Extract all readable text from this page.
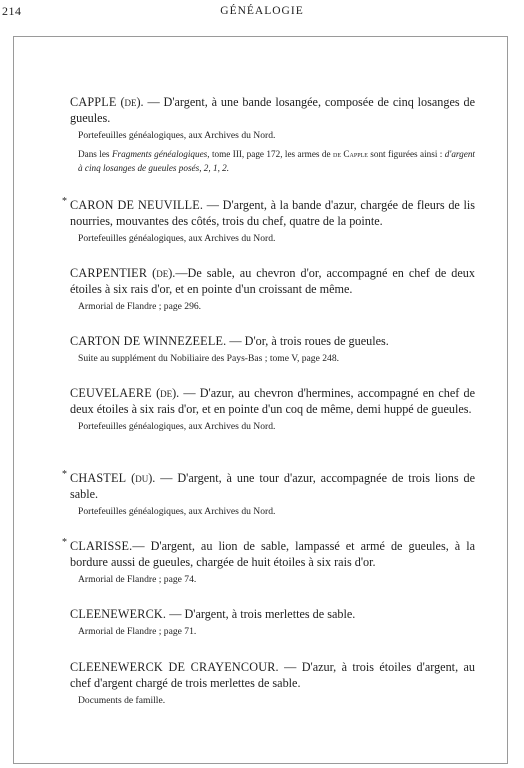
214	GÉNÉALOGIE

CAPPLE (de). — D'argent, à une bande losangée, composée de cinq losanges de gueules.

Portefeuilles généalogiques, aux Archives du Nord.

Dans les Fragments généalogiques, tome III, page 172, les armes de de Capple sont figurées ainsi : d'argent à cinq losanges de gueules posés, 2, 1, 2.

* CARON DE NEUVILLE. — D'argent, à la bande d'azur, chargée de fleurs de lis nourries, mouvantes des côtés, trois du chef, quatre de la pointe.

Portefeuilles généalogiques, aux Archives du Nord.

CARPENTIER (de).—De sable, au chevron d'or, accompagné en chef de deux étoiles à six rais d'or, et en pointe d'un croissant de même.

Armorial de Flandre ; page 296.

CARTON DE WINNEZEELE. — D'or, à trois roues de gueules.

Suite au supplément du Nobiliaire des Pays-Bas ; tome V, page 248.

CEUVELAERE (de). — D'azur, au chevron d'hermines, accompagné en chef de deux étoiles à six rais d'or, et en pointe d'un coq de même, demi huppé de gueules.

Portefeuilles généalogiques, aux Archives du Nord.

* CHASTEL (du). — D'argent, à une tour d'azur, accompagnée de trois lions de sable.

Portefeuilles généalogiques, aux Archives du Nord.

* CLARISSE.— D'argent, au lion de sable, lampassé et armé de gueules, à la bordure aussi de gueules, chargée de huit étoiles à six rais d'or.

Armorial de Flandre ; page 74.

CLEENEWERCK. — D'argent, à trois merlettes de sable.

Armorial de Flandre ; page 71.

CLEENEWERCK DE CRAYENCOUR. — D'azur, à trois étoiles d'argent, au chef d'argent chargé de trois merlettes de sable.

Documents de famille.
